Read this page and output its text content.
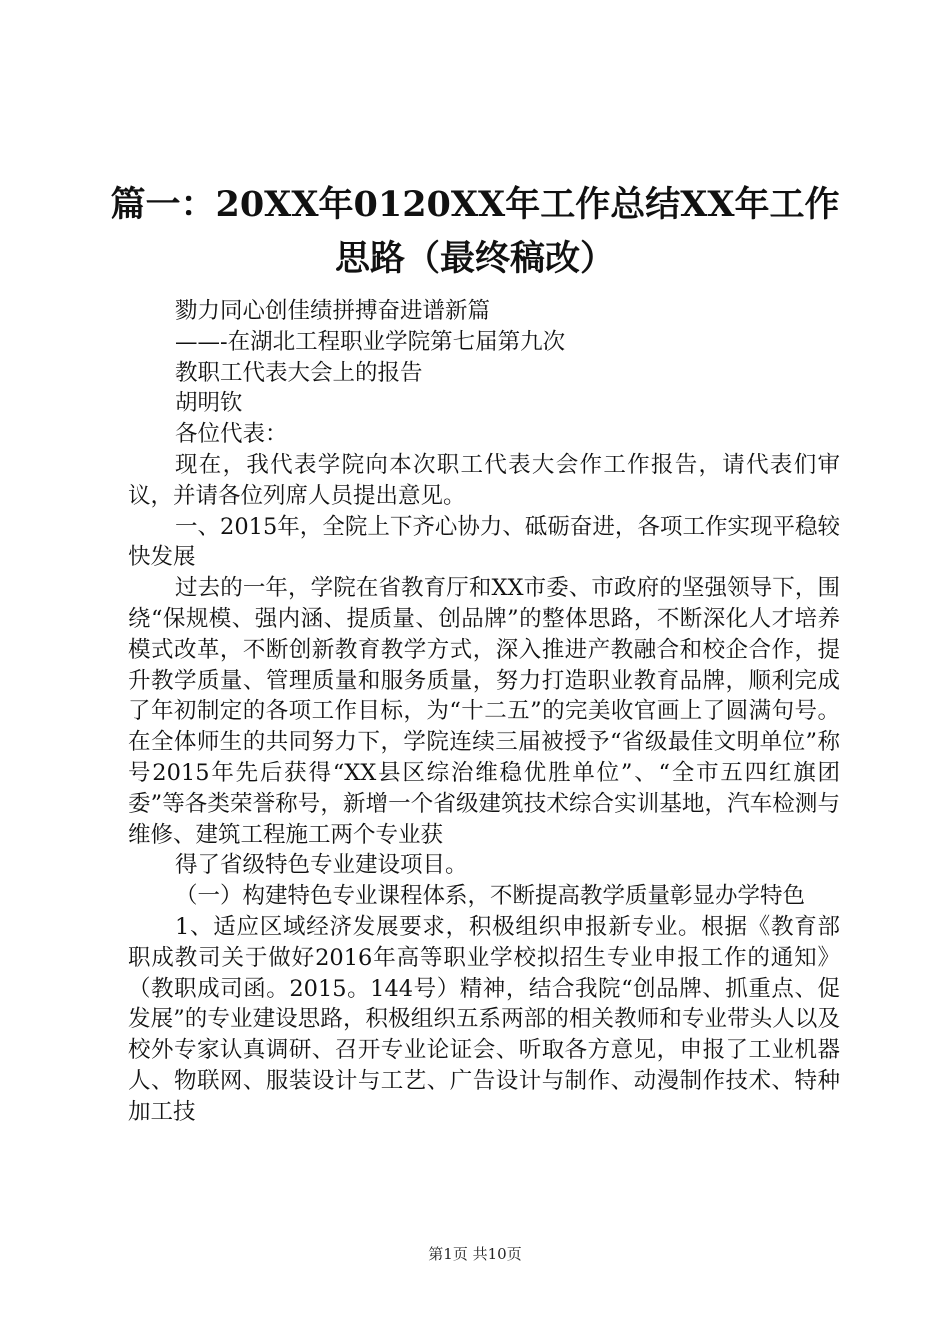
篇一：20XX年0120XX年工作总结XX年工作思路（最终稿改）

勠力同心创佳绩拼搏奋进谱新篇

——-在湖北工程职业学院第七届第九次

教职工代表大会上的报告

胡明钦

各位代表：

现在，我代表学院向本次职工代表大会作工作报告，请代表们审议，并请各位列席人员提出意见。

一、2015年，全院上下齐心协力、砥砺奋进，各项工作实现平稳较快发展

过去的一年，学院在省教育厅和XX市委、市政府的坚强领导下，围绕“保规模、强内涵、提质量、创品牌”的整体思路，不断深化人才培养模式改革，不断创新教育教学方式，深入推进产教融合和校企合作，提升教学质量、管理质量和服务质量，努力打造职业教育品牌，顺利完成了年初制定的各项工作目标，为“十二五”的完美收官画上了圆满句号。在全体师生的共同努力下，学院连续三届被授予“省级最佳文明单位”称号2015年先后获得“XX县区综治维稳优胜单位”、“全市五四红旗团委”等各类荣誉称号，新增一个省级建筑技术综合实训基地，汽车检测与维修、建筑工程施工两个专业获

得了省级特色专业建设项目。

（一）构建特色专业课程体系，不断提高教学质量彰显办学特色

1、适应区域经济发展要求，积极组织申报新专业。根据《教育部职成教司关于做好2016年高等职业学校拟招生专业申报工作的通知》（教职成司函。2015。144号）精神，结合我院“创品牌、抓重点、促发展”的专业建设思路，积极组织五系两部的相关教师和专业带头人以及校外专家认真调研、召开专业论证会、听取各方意见，申报了工业机器人、物联网、服装设计与工艺、广告设计与制作、动漫制作技术、特种加工技

第1页 共10页
